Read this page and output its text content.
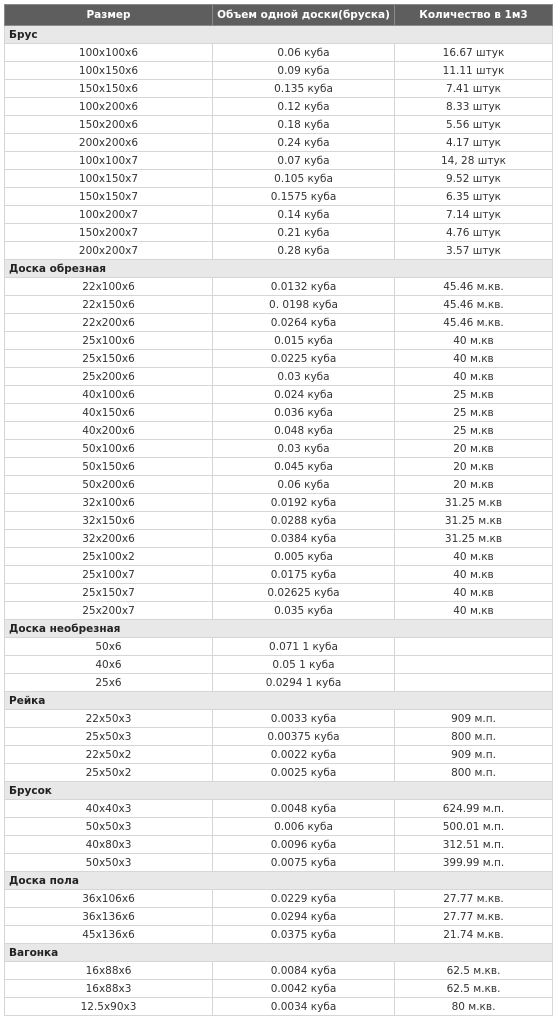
Размер	Объем одной доски(бруска)	Количество в 1м3
Брус		
100x100x6	0.06 куба	16.67 штук
100x150x6	0.09 куба	11.11 штук
150x150x6	0.135 куба	7.41 штук
100x200x6	0.12 куба	8.33 штук
150x200x6	0.18 куба	5.56 штук
200x200x6	0.24 куба	4.17 штук
100x100x7	0.07 куба	14, 28 штук
100x150x7	0.105 куба	9.52 штук
150x150x7	0.1575 куба	6.35 штук
100x200x7	0.14 куба	7.14 штук
150x200x7	0.21 куба	4.76 штук
200x200x7	0.28 куба	3.57 штук
Доска обрезная		
22x100x6	0.0132 куба	45.46 м.кв.
22x150x6	0. 0198 куба	45.46 м.кв.
22x200x6	0.0264 куба	45.46 м.кв.
25x100x6	0.015 куба	40 м.кв
25x150x6	0.0225 куба	40 м.кв
25x200x6	0.03 куба	40 м.кв
40x100x6	0.024 куба	25 м.кв
40x150x6	0.036 куба	25 м.кв
40x200x6	0.048 куба	25 м.кв
50x100x6	0.03 куба	20 м.кв
50x150x6	0.045 куба	20 м.кв
50x200x6	0.06 куба	20 м.кв
32x100x6	0.0192 куба	31.25 м.кв
32x150x6	0.0288 куба	31.25 м.кв
32x200x6	0.0384 куба	31.25 м.кв
25x100x2	0.005 куба	40 м.кв
25x100x7	0.0175 куба	40 м.кв
25x150x7	0.02625 куба	40 м.кв
25x200x7	0.035 куба	40 м.кв
Доска необрезная		
50x6	0.071 1 куба	
40x6	0.05 1 куба	
25x6	0.0294 1 куба	
Рейка		
22x50x3	0.0033 куба	909 м.п.
25x50x3	0.00375 куба	800 м.п.
22x50x2	0.0022 куба	909 м.п.
25x50x2	0.0025 куба	800 м.п.
Брусок		
40x40x3	0.0048 куба	624.99 м.п.
50x50x3	0.006 куба	500.01 м.п.
40x80x3	0.0096 куба	312.51 м.п.
50x50x3	0.0075 куба	399.99 м.п.
Доска пола		
36x106x6	0.0229 куба	27.77 м.кв.
36x136x6	0.0294 куба	27.77 м.кв.
45x136x6	0.0375 куба	21.74 м.кв.
Вагонка		
16x88x6	0.0084 куба	62.5 м.кв.
16x88x3	0.0042 куба	62.5 м.кв.
12.5x90x3	0.0034 куба	80 м.кв.
